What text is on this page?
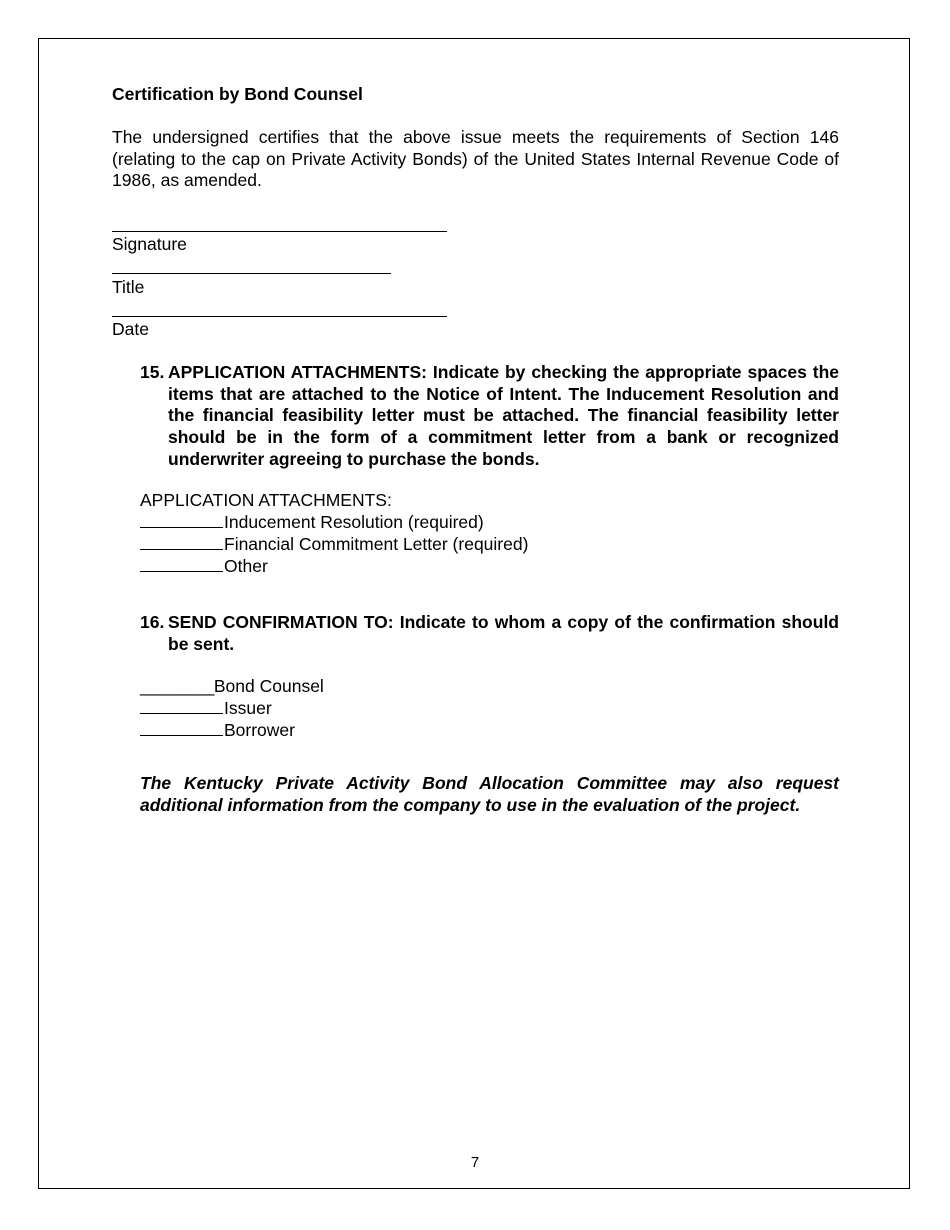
Certification by Bond Counsel
The undersigned certifies that the above issue meets the requirements of Section 146 (relating to the cap on Private Activity Bonds) of the United States Internal Revenue Code of 1986, as amended.
Signature
Title
Date
15. APPLICATION ATTACHMENTS: Indicate by checking the appropriate spaces the items that are attached to the Notice of Intent. The Inducement Resolution and the financial feasibility letter must be attached. The financial feasibility letter should be in the form of a commitment letter from a bank or recognized underwriter agreeing to purchase the bonds.
APPLICATION ATTACHMENTS:
Inducement Resolution (required)
Financial Commitment Letter (required)
Other
16. SEND CONFIRMATION TO: Indicate to whom a copy of the confirmation should be sent.
________Bond Counsel
Issuer
Borrower
The Kentucky Private Activity Bond Allocation Committee may also request additional information from the company to use in the evaluation of the project.
7
